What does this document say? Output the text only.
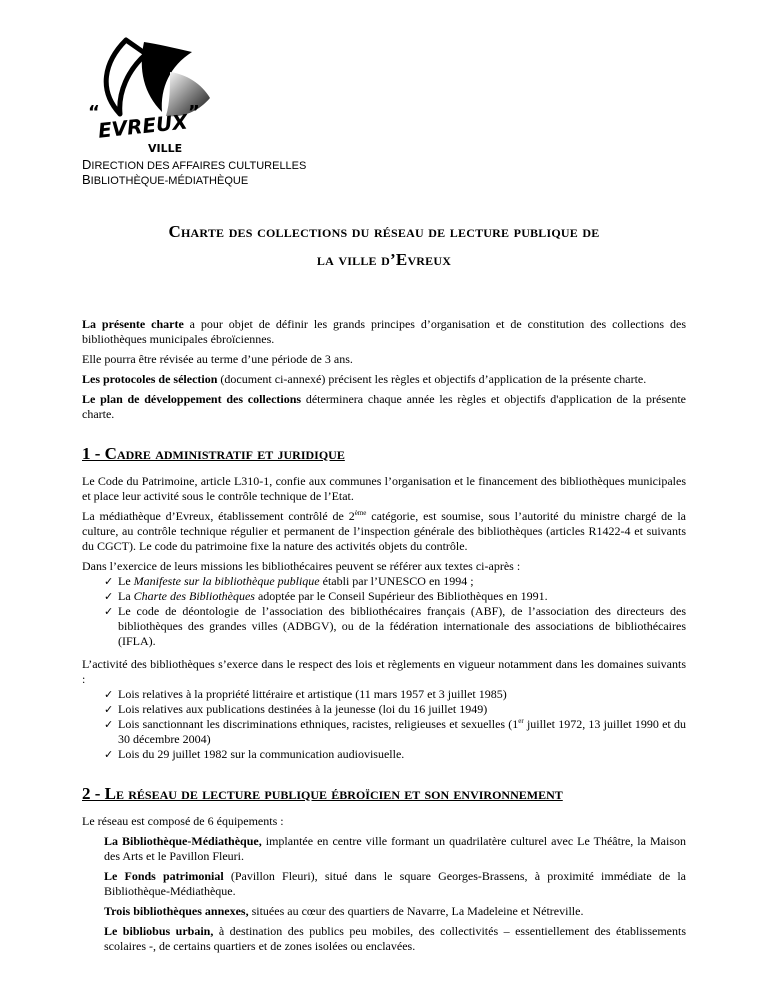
“
EVREUX ”
VILLE
DIRECTION DES AFFAIRES CULTURELLES
BIBLIOTHÈQUE-MÉDIATHÈQUE
Charte des collections du réseau de lecture publique de
la ville d’Evreux

La présente charte a pour objet de définir les grands principes d’organisation et de constitution des collections des bibliothèques municipales ébroïciennes.

Elle pourra être révisée au terme d’une période de 3 ans.

Les protocoles de sélection (document ci-annexé) précisent les règles et objectifs d’application de la présente charte.

Le plan de développement des collections déterminera chaque année les règles et objectifs d'application de la présente charte.

1 - Cadre administratif et juridique

Le Code du Patrimoine, article L310-1, confie aux communes l’organisation et le financement des bibliothèques municipales et place leur activité sous le contrôle technique de l’Etat.

La médiathèque d’Evreux, établissement contrôlé de 2ème catégorie, est soumise, sous l’autorité du ministre chargé de la culture, au contrôle technique régulier et permanent de l’inspection générale des bibliothèques (articles R1422-4 et suivants du CGCT). Le code du patrimoine fixe la nature des activités objets du contrôle.

Dans l’exercice de leurs missions les bibliothécaires peuvent se référer aux textes ci-après :

✓ Le Manifeste sur la bibliothèque publique établi par l’UNESCO en 1994 ;
✓ La Charte des Bibliothèques adoptée par le Conseil Supérieur des Bibliothèques en 1991.
✓ Le code de déontologie de l’association des bibliothécaires français (ABF), de l’association des directeurs des bibliothèques des grandes villes (ADBGV), ou de la fédération internationale des associations de bibliothécaires (IFLA).

L’activité des bibliothèques s’exerce dans le respect des lois et règlements en vigueur notamment dans les domaines suivants :

✓ Lois relatives à la propriété littéraire et artistique (11 mars 1957 et 3 juillet 1985)
✓ Lois relatives aux publications destinées à la jeunesse (loi du 16 juillet 1949)
✓ Lois sanctionnant les discriminations ethniques, racistes, religieuses et sexuelles (1er juillet 1972, 13 juillet 1990 et du 30 décembre 2004)
✓ Lois du 29 juillet 1982 sur la communication audiovisuelle.
2 - Le réseau de lecture publique ébroïcien et son environnement

Le réseau est composé de 6 équipements :

La Bibliothèque-Médiathèque, implantée en centre ville formant un quadrilatère culturel avec Le Théâtre, la Maison des Arts et le Pavillon Fleuri.

Le Fonds patrimonial (Pavillon Fleuri), situé dans le square Georges-Brassens, à proximité immédiate de la Bibliothèque-Médiathèque.

Trois bibliothèques annexes, situées au cœur des quartiers de Navarre, La Madeleine et Nétreville.

Le bibliobus urbain, à destination des publics peu mobiles, des collectivités – essentiellement des établissements scolaires -, de certains quartiers et de zones isolées ou enclavées.
